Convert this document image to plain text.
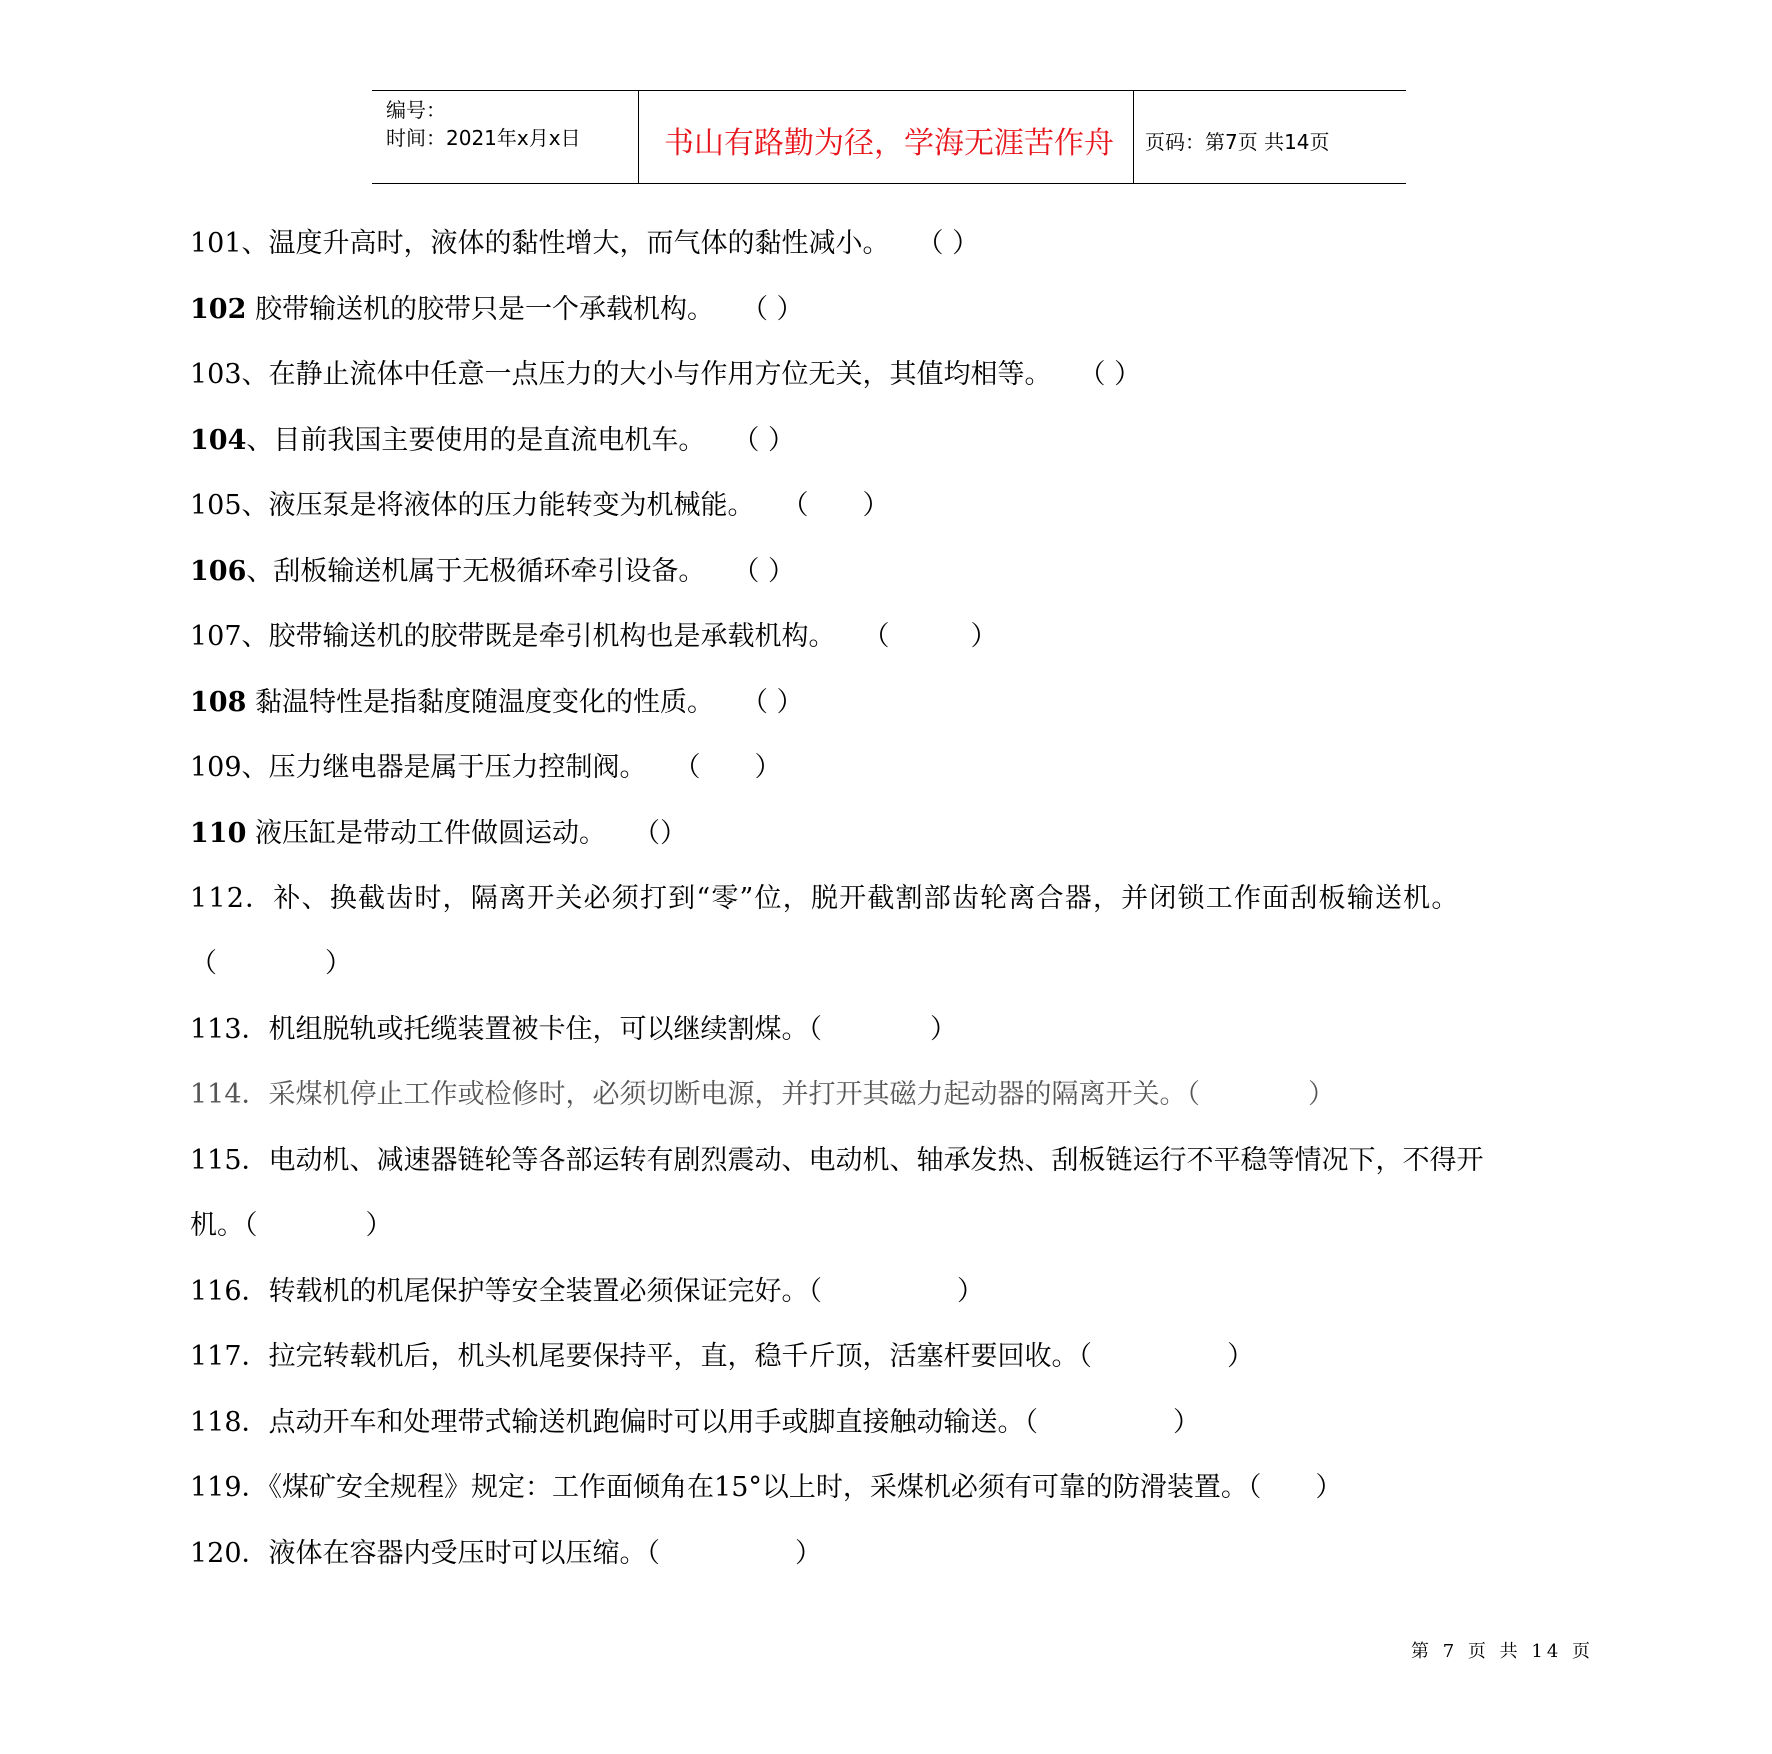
编号：
时间：2021年x月x日	书山有路勤为径，学海无涯苦作舟 页码：第7页 共14页
101、温度升高时，液体的黏性增大，而气体的黏性减小。　　（ ）
102 胶带输送机的胶带只是一个承载机构。　　（ ）
103、在静止流体中任意一点压力的大小与作用方位无关，其值均相等。　　（ ）
104、目前我国主要使用的是直流电机车。　　（ ）
105、液压泵是将液体的压力能转变为机械能。　　（　　）
106、刮板输送机属于无极循环牵引设备。　　（ ）
107、胶带输送机的胶带既是牵引机构也是承载机构。　　（　　　）
108 黏温特性是指黏度随温度变化的性质。　　（ ）
109、压力继电器是属于压力控制阀。　　（　　）
110 液压缸是带动工件做圆运动。　　（）
112．补、换截齿时，隔离开关必须打到“零”位，脱开截割部齿轮离合器，并闭锁工作面刮板输送机。
（　　　　）
113．机组脱轨或托缆装置被卡住，可以继续割煤。（　　　　）
114．采煤机停止工作或检修时，必须切断电源，并打开其磁力起动器的隔离开关。（　　　　）
115．电动机、减速器链轮等各部运转有剧烈震动、电动机、轴承发热、刮板链运行不平稳等情况下，不得开
机。（　　　　）
116．转载机的机尾保护等安全装置必须保证完好。（　　　　　）
117．拉完转载机后，机头机尾要保持平，直，稳千斤顶，活塞杆要回收。（　　　　　）
118．点动开车和处理带式输送机跑偏时可以用手或脚直接触动输送。（　　　　　）
119．《煤矿安全规程》规定：工作面倾角在15°以上时，采煤机必须有可靠的防滑装置。（　　）
120．液体在容器内受压时可以压缩。（　　　　　）
第 7 页 共 14 页
